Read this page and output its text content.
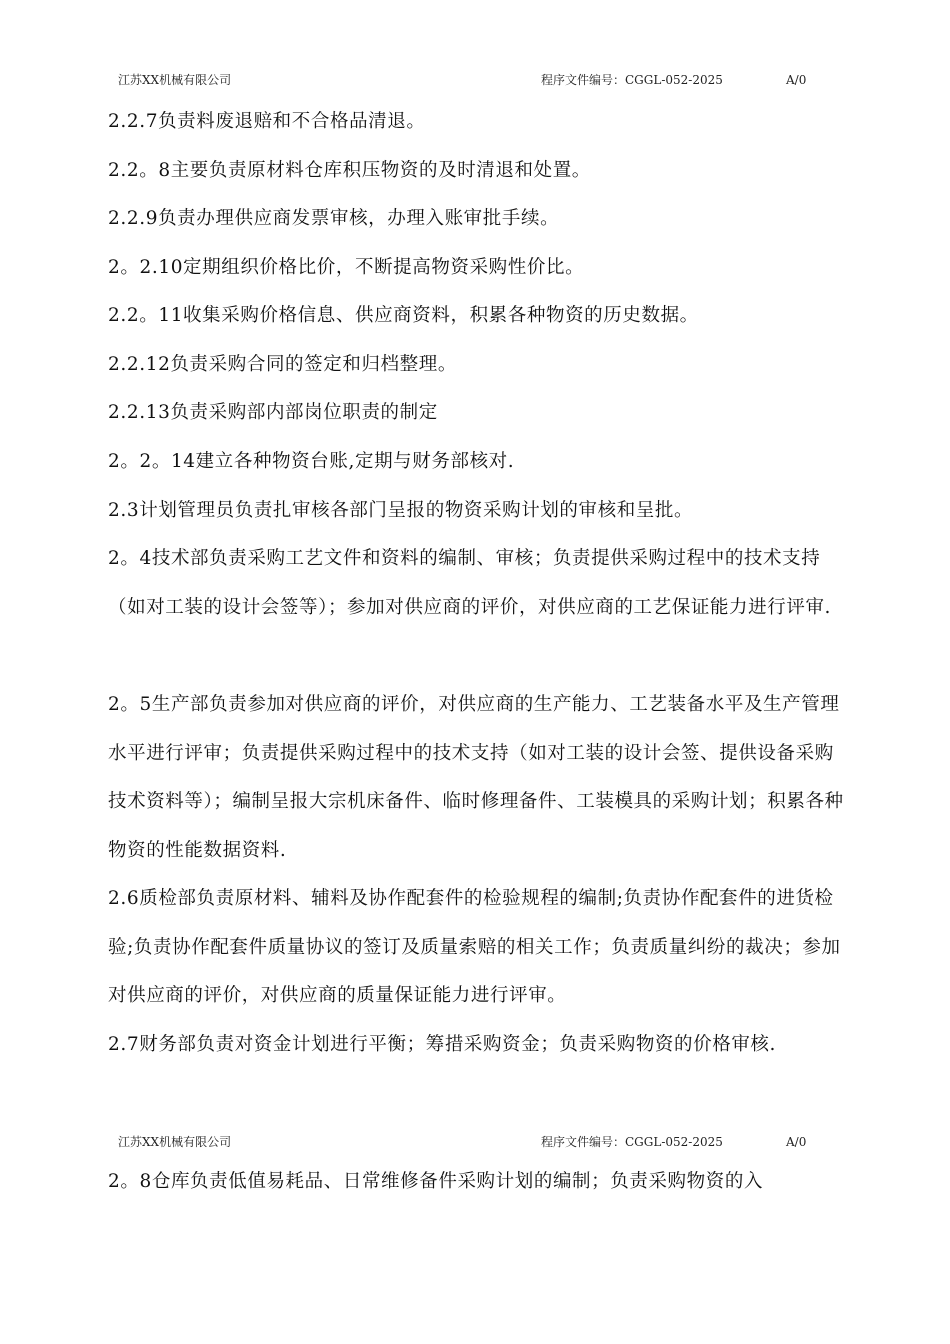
江苏XX机械有限公司	程序文件编号：CGGL-052-2025	A/0
2.2.7负责料废退赔和不合格品清退。
2.2。8主要负责原材料仓库积压物资的及时清退和处置。
2.2.9负责办理供应商发票审核，办理入账审批手续。
2。2.10定期组织价格比价，不断提高物资采购性价比。
2.2。11收集采购价格信息、供应商资料，积累各种物资的历史数据。
2.2.12负责采购合同的签定和归档整理。
2.2.13负责采购部内部岗位职责的制定
2。2。14建立各种物资台账,定期与财务部核对.
2.3计划管理员负责扎审核各部门呈报的物资采购计划的审核和呈批。
2。4技术部负责采购工艺文件和资料的编制、审核；负责提供采购过程中的技术支持（如对工装的设计会签等）；参加对供应商的评价，对供应商的工艺保证能力进行评审.
2。5生产部负责参加对供应商的评价，对供应商的生产能力、工艺装备水平及生产管理水平进行评审；负责提供采购过程中的技术支持（如对工装的设计会签、提供设备采购技术资料等）；编制呈报大宗机床备件、临时修理备件、工装模具的采购计划；积累各种物资的性能数据资料.
2.6质检部负责原材料、辅料及协作配套件的检验规程的编制;负责协作配套件的进货检验;负责协作配套件质量协议的签订及质量索赔的相关工作；负责质量纠纷的裁决；参加对供应商的评价，对供应商的质量保证能力进行评审。
2.7财务部负责对资金计划进行平衡；筹措采购资金；负责采购物资的价格审核.
江苏XX机械有限公司	程序文件编号：CGGL-052-2025	A/0
2。8仓库负责低值易耗品、日常维修备件采购计划的编制；负责采购物资的入
